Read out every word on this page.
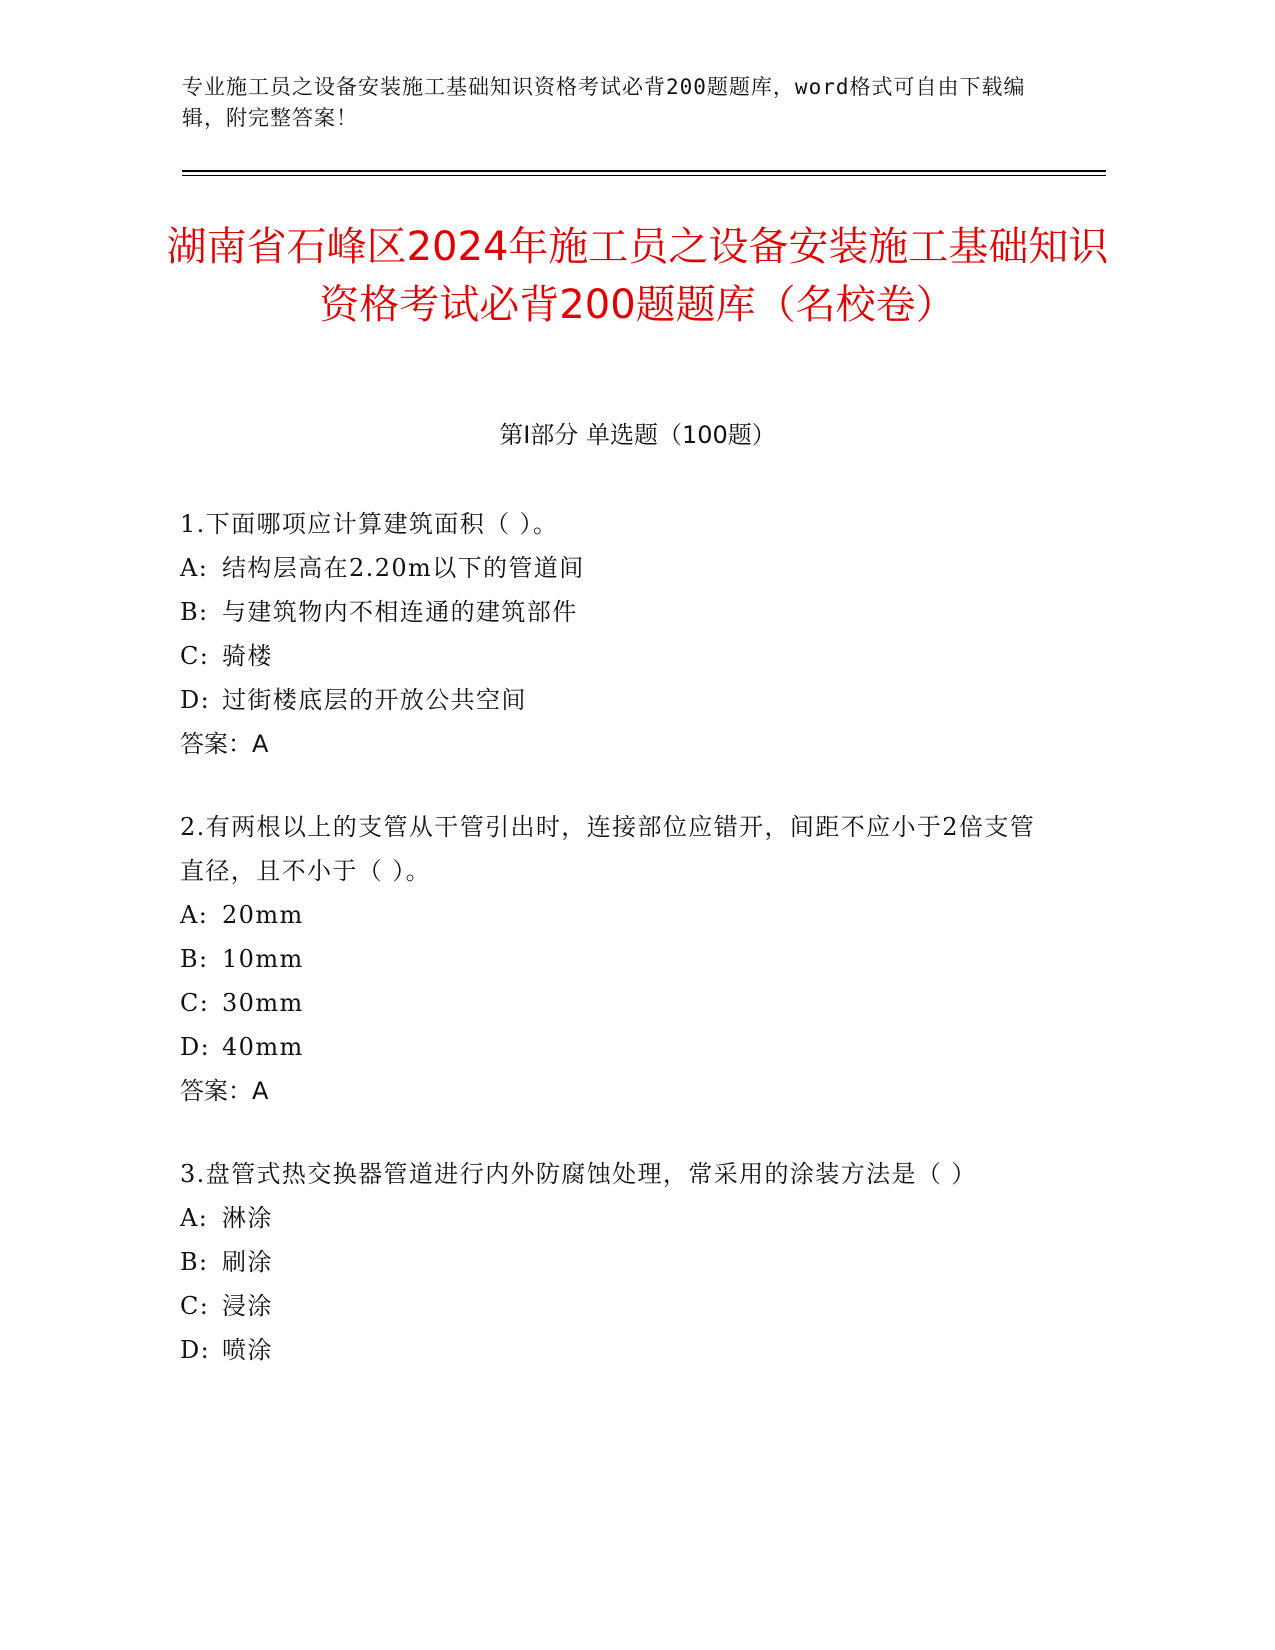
专业施工员之设备安装施工基础知识资格考试必背200题题库，word格式可自由下载编辑，附完整答案！
湖南省石峰区2024年施工员之设备安装施工基础知识资格考试必背200题题库（名校卷）
第I部分 单选题（100题）

1.下面哪项应计算建筑面积（ ）。

A: 结构层高在2.20m以下的管道间

B: 与建筑物内不相连通的建筑部件

C: 骑楼

D: 过街楼底层的开放公共空间

答案：A

2.有两根以上的支管从干管引出时，连接部位应错开，间距不应小于2倍支管直径，且不小于（ ）。

A: 20mm

B: 10mm

C: 30mm

D: 40mm

答案：A

3.盘管式热交换器管道进行内外防腐蚀处理，常采用的涂装方法是（ ）

A: 淋涂

B: 刷涂

C: 浸涂

D: 喷涂
